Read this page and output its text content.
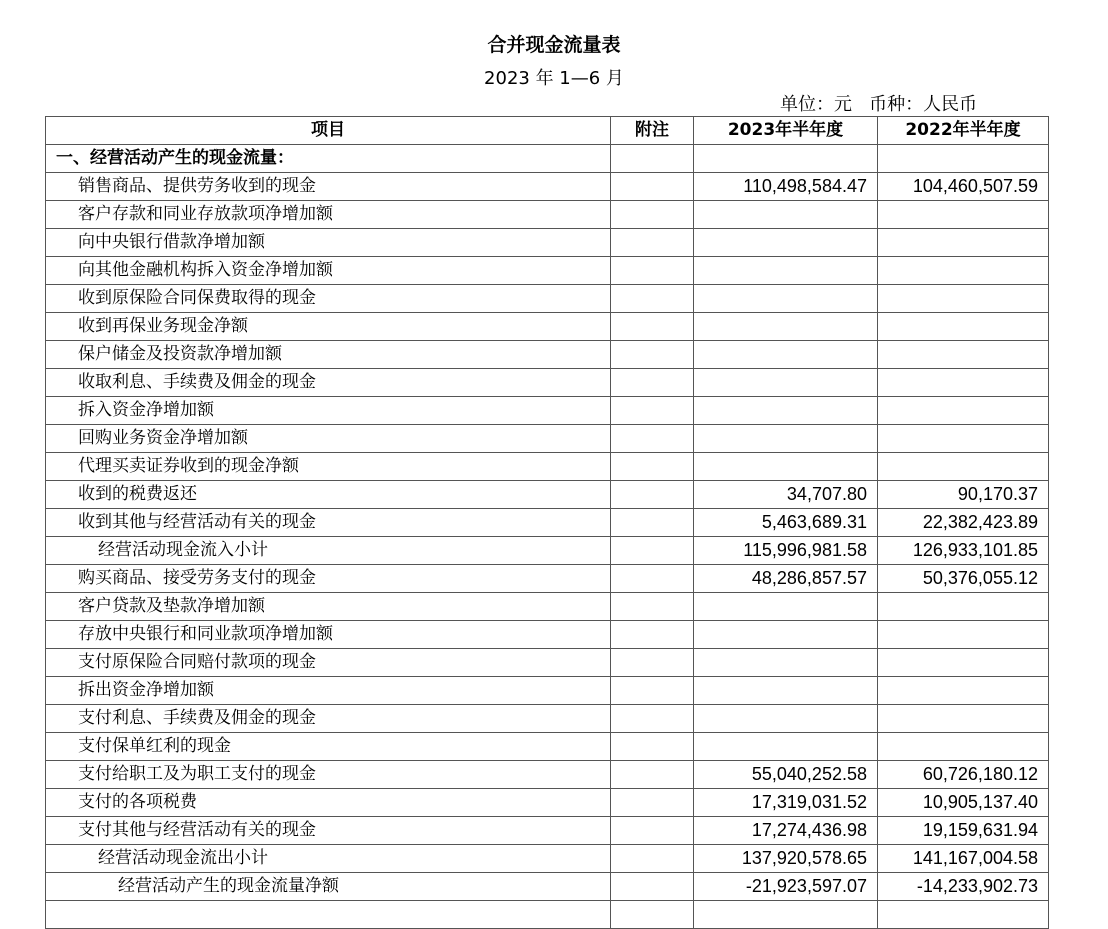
合并现金流量表
2023 年 1—6 月
单位：元   币种：人民币
项目	附注	2023年半年度	2022年半年度
一、经营活动产生的现金流量：			
销售商品、提供劳务收到的现金		110,498,584.47	104,460,507.59
客户存款和同业存放款项净增加额			
向中央银行借款净增加额			
向其他金融机构拆入资金净增加额			
收到原保险合同保费取得的现金			
收到再保业务现金净额			
保户储金及投资款净增加额			
收取利息、手续费及佣金的现金			
拆入资金净增加额			
回购业务资金净增加额			
代理买卖证券收到的现金净额			
收到的税费返还		34,707.80	90,170.37
收到其他与经营活动有关的现金		5,463,689.31	22,382,423.89
经营活动现金流入小计		115,996,981.58	126,933,101.85
购买商品、接受劳务支付的现金		48,286,857.57	50,376,055.12
客户贷款及垫款净增加额			
存放中央银行和同业款项净增加额			
支付原保险合同赔付款项的现金			
拆出资金净增加额			
支付利息、手续费及佣金的现金			
支付保单红利的现金			
支付给职工及为职工支付的现金		55,040,252.58	60,726,180.12
支付的各项税费		17,319,031.52	10,905,137.40
支付其他与经营活动有关的现金		17,274,436.98	19,159,631.94
经营活动现金流出小计		137,920,578.65	141,167,004.58
经营活动产生的现金流量净额		-21,923,597.07	-14,233,902.73
